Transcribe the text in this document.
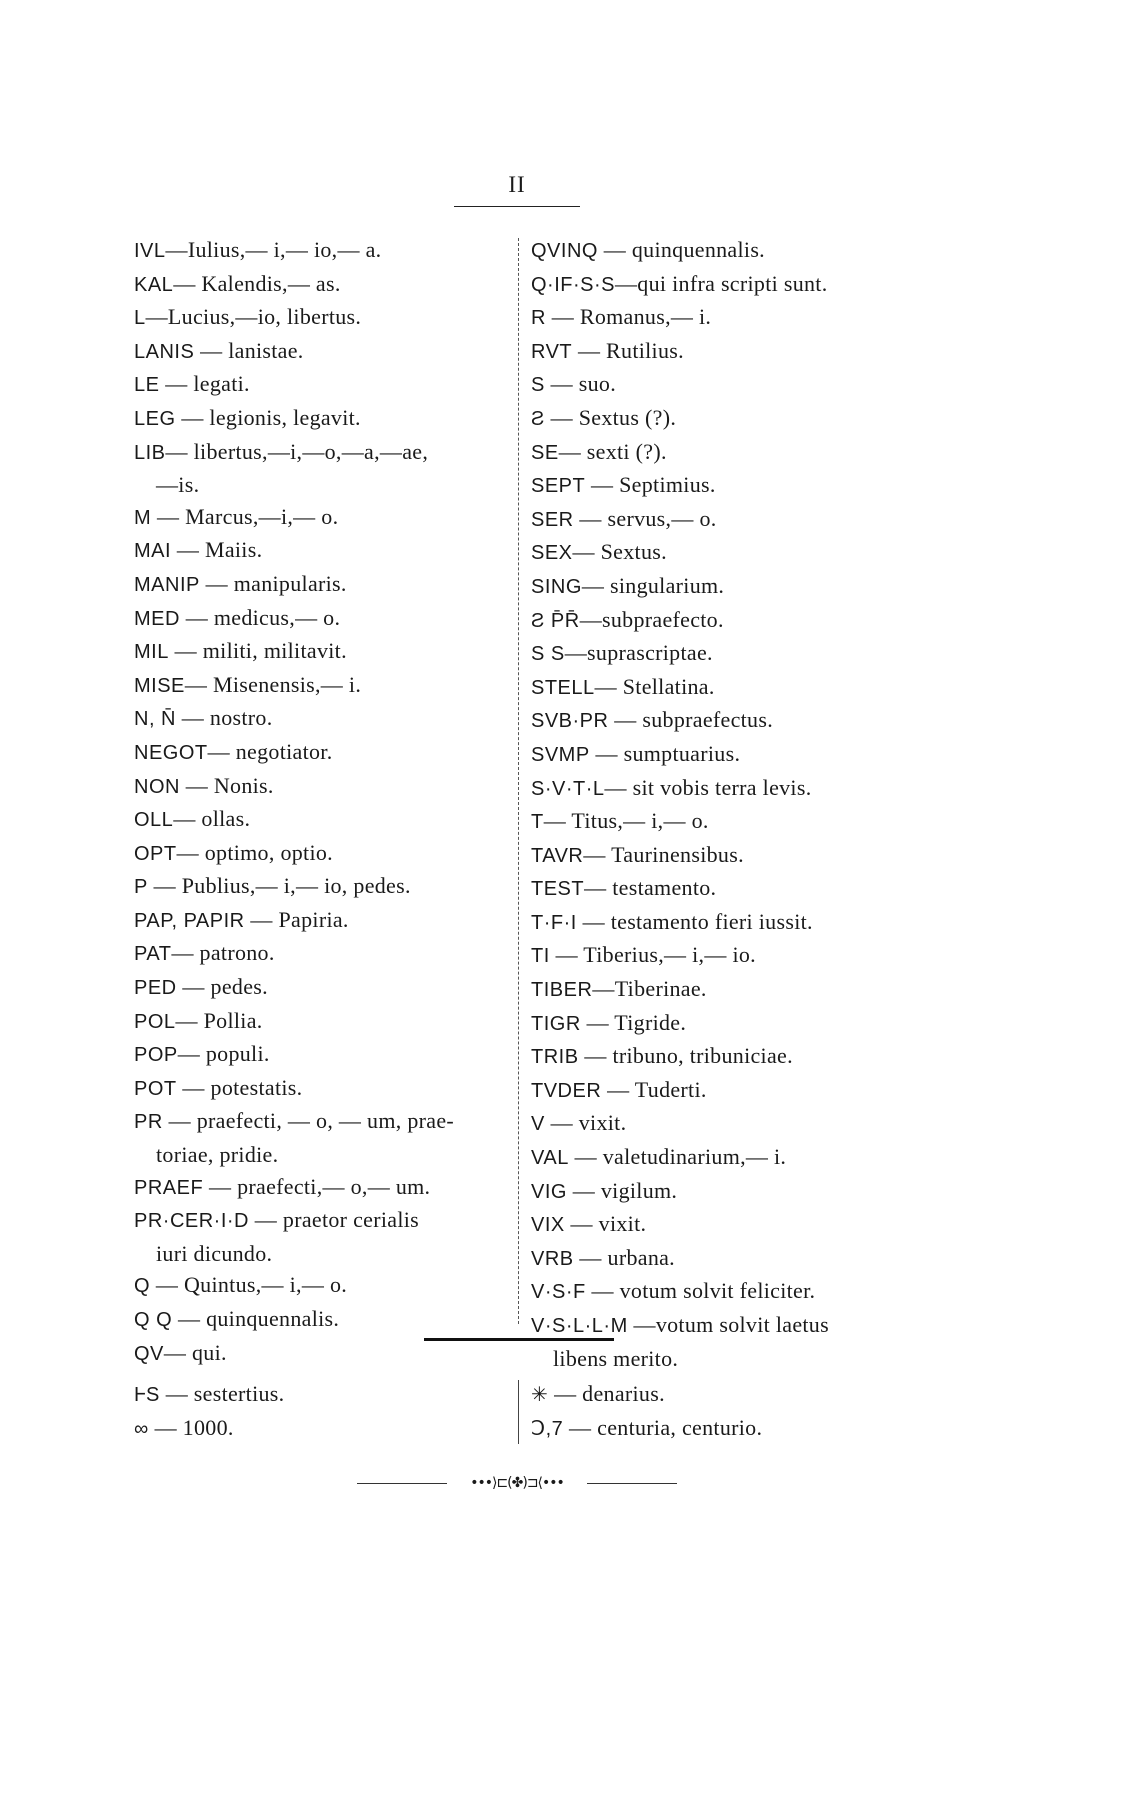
II
IVL—Iulius,— i,— io,— a.
KAL— Kalendis,— as.
L—Lucius,—io, libertus.
LANIS — lanistae.
LE — legati.
LEG — legionis, legavit.
LIB— libertus,—i,—o,—a,—ae,
—is.
M — Marcus,—i,— o.
MAI — Maiis.
MANIP — manipularis.
MED — medicus,— o.
MIL — militi, militavit.
MISE— Misenensis,— i.
N, N̄ — nostro.
NEGOT— negotiator.
NON — Nonis.
OLL— ollas.
OPT— optimo, optio.
P — Publius,— i,— io, pedes.
PAP, PAPIR — Papiria.
PAT— patrono.
PED — pedes.
POL— Pollia.
POP— populi.
POT — potestatis.
PR — praefecti, — o, — um, prae-
toriae, pridie.
PRAEF — praefecti,— o,— um.
PR·CER·I·D — praetor cerialis
iuri dicundo.
Q — Quintus,— i,— o.
Q Q — quinquennalis.
QV— qui.
QVINQ — quinquennalis.
Q·IF·S·S—qui infra scripti sunt.
R — Romanus,— i.
RVT — Rutilius.
S — suo.
Ƨ — Sextus (?).
SE— sexti (?).
SEPT — Septimius.
SER — servus,— o.
SEX— Sextus.
SING— singularium.
Ƨ P̄R̄—subpraefecto.
S S—suprascriptae.
STELL— Stellatina.
SVB·PR — subpraefectus.
SVMP — sumptuarius.
S·V·T·L— sit vobis terra levis.
T— Titus,— i,— o.
TAVR— Taurinensibus.
TEST— testamento.
T·F·I — testamento fieri iussit.
TI — Tiberius,— i,— io.
TIBER—Tiberinae.
TIGR — Tigride.
TRIB — tribuno, tribuniciae.
TVDER — Tuderti.
V — vixit.
VAL — valetudinarium,— i.
VIG — vigilum.
VIX — vixit.
VRB — urbana.
V·S·F — votum solvit feliciter.
V·S·L·L·M —votum solvit laetus
libens merito.
ⱵS — sestertius.
∞ — 1000.
✳ — denarius.
Ↄ,7 — centuria, centurio.
•••⟩⊏(✤)⊐⟨•••
